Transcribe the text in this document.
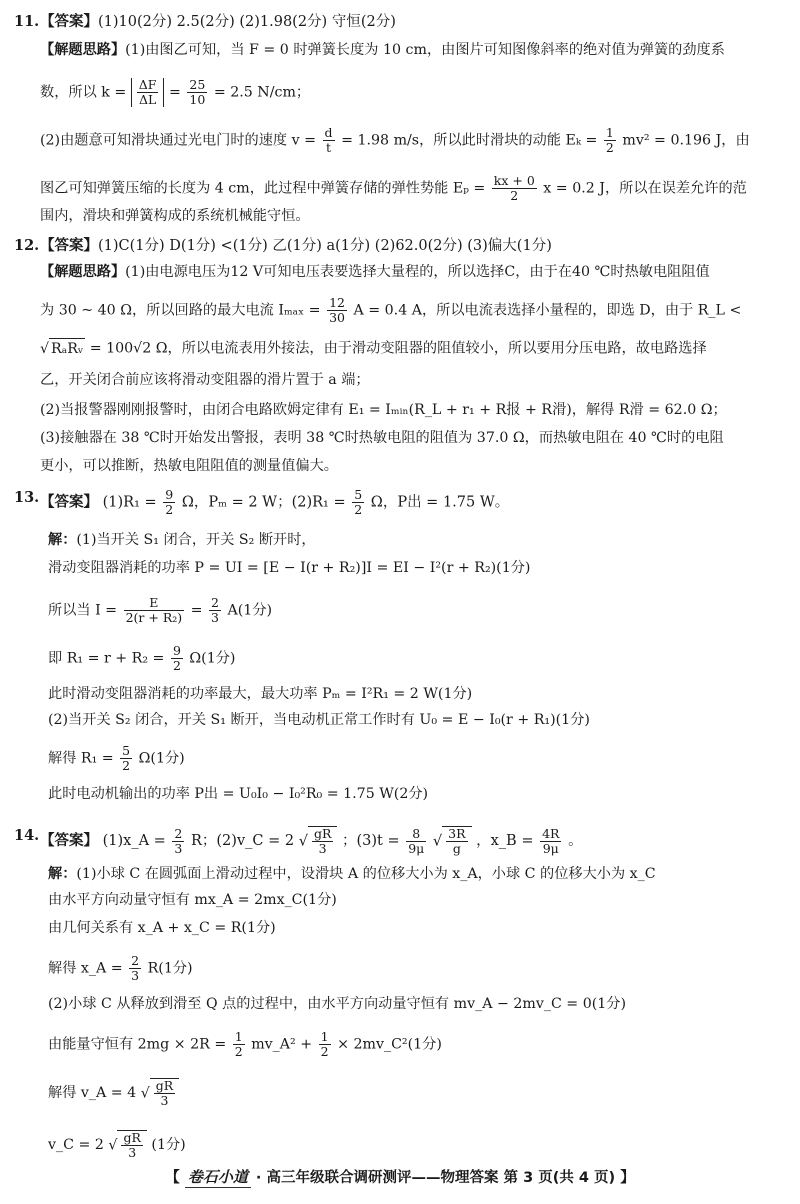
11. 【答案】(1)10(2分) 2.5(2分) (2)1.98(2分) 守恒(2分)
【解题思路】(1)由图乙可知，当 F = 0 时弹簧长度为 10 cm，由图片可知图像斜率的绝对值为弹簧的劲度系
数，所以 $k = \frac{\Delta F}{\Delta L} = \frac{25}{10} = 2.5$ N/cm；
(2)由题意可知滑块通过光电门时的速度 $v = \frac{d}{t} = 1.98$ m/s，所以此时滑块的动能 $E_k = \frac{1}{2} mv^2 = 0.196$ J，由
图乙可知弹簧压缩的长度为 4 cm，此过程中弹簧存储的弹性势能 $E_p = \frac{kx + 0}{2}$ x = 0.2 J，所以在误差允许的范
围内，滑块和弹簧构成的系统机械能守恒。
12. 【答案】(1)C(1分) D(1分) <(1分) 乙(1分) a(1分) (2)62.0(2分) (3)偏大(1分)
【解题思路】(1)由电源电压为12 V可知电压表要选择大量程的，所以选择C，由于在40 ℃时热敏电阻阻值
为 30 ~ 40 Ω，所以回路的最大电流 $I_{max} = \frac{12}{30}$ A = 0.4 A，所以电流表选择小量程的，即选 D，由于 R_L <
√ RₐRᵥ = 100√2 Ω，所以电流表用外接法，由于滑动变阻器的阻值较小，所以要用分压电路，故电路选择
乙，开关闭合前应该将滑动变阻器的滑片置于 a 端；
(2)当报警器刚刚报警时，由闭合电路欧姆定律有 E₁ = Iₘᵢₙ(R_L + r₁ + R报 + R滑)，解得 R滑 = 62.0 Ω；
(3)接触器在 38 ℃时开始发出警报，表明 38 ℃时热敏电阻的阻值为 37.0 Ω，而热敏电阻在 40 ℃时的电阻
更小，可以推断，热敏电阻阻值的测量值偏大。
13. 【答案】 $(1)R_1 = \frac{9}{2}$ Ω，Pₘ = 2 W；$(2)R_1 = \frac{5}{2}$ Ω，P出 = 1.75 W。
解：(1)当开关 S₁ 闭合，开关 S₂ 断开时，
滑动变阻器消耗的功率 P = UI = [E − I(r + R₂)]I = EI − I²(r + R₂)(1分)
所以当 $I = \frac{E}{\text{2(r + R₂)}} = \frac{2}{3} A(1$分)
即 $R_1 = r + R_2 = \frac{9}{2} \Omega(1$分)
此时滑动变阻器消耗的功率最大，最大功率 Pₘ = I²R₁ = 2 W(1分)
(2)当开关 S₂ 闭合，开关 S₁ 断开，当电动机正常工作时有 U₀ = E − I₀(r + R₁)(1分)
解得 $R_1 = \frac{5}{2} \Omega(1$分)
此时电动机输出的功率 P出 = U₀I₀ − I₀²R₀ = 1.75 W(2分)
14. 【答案】 (1)x_A = $\frac{2}{3}$ R；(2)v_C = 2 √ $\frac{gR}{3}$ ；$(3)t = \frac{8}{9\mu}$ √ $\frac{3R}{g}$ ，x_B = $\frac{4R}{9\mu}$ 。
解：(1)小球 C 在圆弧面上滑动过程中，设滑块 A 的位移大小为 x_A，小球 C 的位移大小为 x_C
由水平方向动量守恒有 mx_A = 2mx_C(1分)
由几何关系有 x_A + x_C = R(1分)
解得 x_A = $\frac{2}{3} R(1$分)
(2)小球 C 从释放到滑至 Q 点的过程中，由水平方向动量守恒有 mv_A − 2mv_C = 0(1分)
由能量守恒有 $2mg \times 2R = \frac{1}{2}$ mv_A² + $\frac{1}{2}$ × 2mv_C²(1分)
解得 v_A = 4 √ $\frac{gR}{3}$
v_C = 2 √ $\frac{gR}{3} (1$分)
【 卷石小道 · 高三年级联合调研测评——物理答案 第 3 页(共 4 页) 】
